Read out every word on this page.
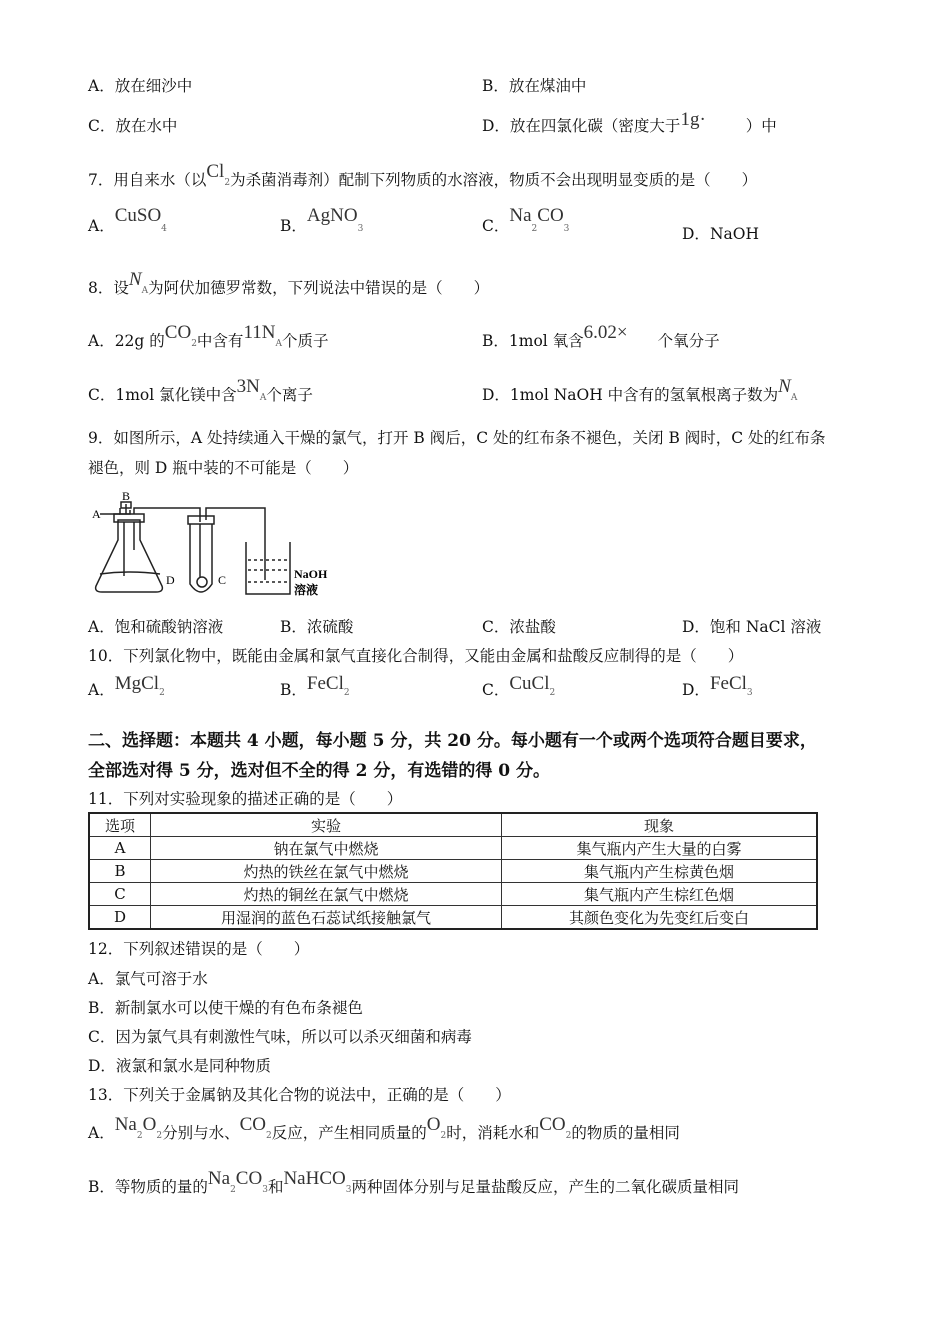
A．放在细沙中	B．放在煤油中
C．放在水中	D．放在四氯化碳（密度大于1g·	）中
7．用自来水（以Cl2为杀菌消毒剂）配制下列物质的水溶液，物质不会出现明显变质的是（　　）
A．CuSO4	B．AgNO3	C．Na2CO3	D．NaOH
8．设NA为阿伏加德罗常数，下列说法中错误的是（　　）
A．22g 的CO2中含有11NA个质子	B．1mol 氧含6.02× 个氧分子
C．1mol 氯化镁中含3NA个离子	D．1mol NaOH 中含有的氢氧根离子数为NA
9．如图所示，A 处持续通入干燥的氯气，打开 B 阀后，C 处的红布条不褪色，关闭 B 阀时，C 处的红布条
褪色，则 D 瓶中装的不可能是（　　）
A
B
D	C	NaOH
溶液
A．饱和硫酸钠溶液	B．浓硫酸	C．浓盐酸	D．饱和 NaCl 溶液
10．下列氯化物中，既能由金属和氯气直接化合制得，又能由金属和盐酸反应制得的是（　　）
A．MgCl2	B．FeCl2	C．CuCl2	D．FeCl3
二、选择题：本题共 4 小题，每小题 5 分，共 20 分。每小题有一个或两个选项符合题目要求，
全部选对得 5 分，选对但不全的得 2 分，有选错的得 0 分。
11．下列对实验现象的描述正确的是（　　）
选项	实验	现象
A	钠在氯气中燃烧	集气瓶内产生大量的白雾
B	灼热的铁丝在氯气中燃烧	集气瓶内产生棕黄色烟
C	灼热的铜丝在氯气中燃烧	集气瓶内产生棕红色烟
D	用湿润的蓝色石蕊试纸接触氯气	其颜色变化为先变红后变白
12．下列叙述错误的是（　　）
A．氯气可溶于水
B．新制氯水可以使干燥的有色布条褪色
C．因为氯气具有刺激性气味，所以可以杀灭细菌和病毒
D．液氯和氯水是同种物质
13．下列关于金属钠及其化合物的说法中，正确的是（　　）
A．Na2O2分别与水、CO2反应，产生相同质量的O2时，消耗水和CO2的物质的量相同
B．等物质的量的Na2CO3和NaHCO3两种固体分别与足量盐酸反应，产生的二氧化碳质量相同
